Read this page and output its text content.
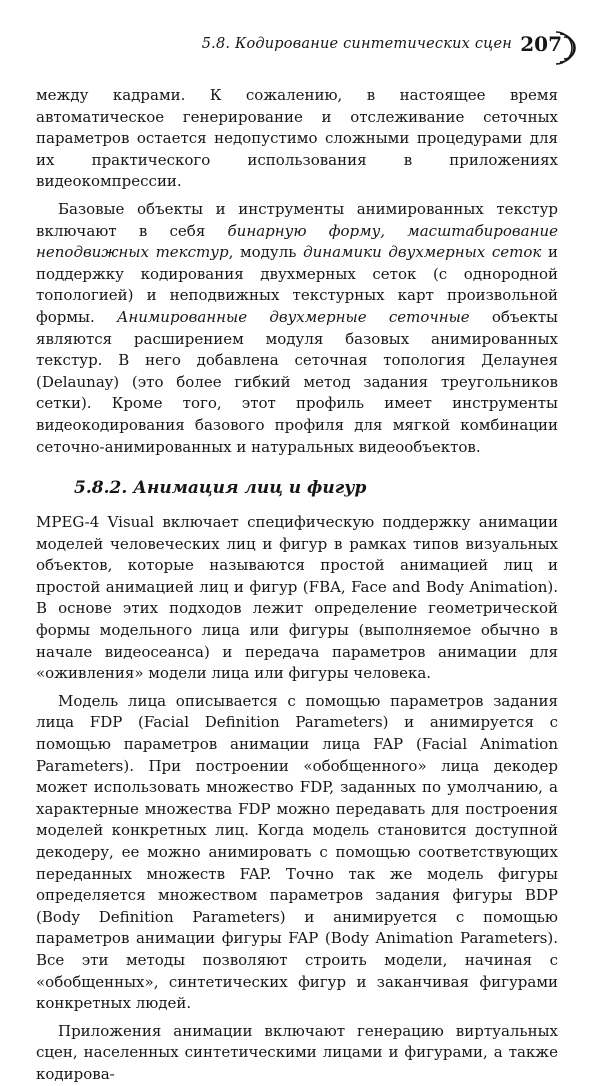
5.8. Кодирование синтетических сцен 207

между кадрами. К сожалению, в настоящее время автоматическое генерирование и отслеживание сеточных параметров остается недопустимо сложными процедурами для их практического использования в приложениях видеокомпрессии.

Базовые объекты и инструменты анимированных текстур включают в себя бинарную форму, масштабирование неподвижных текстур, модуль динамики двухмерных сеток и поддержку кодирования двухмерных сеток (с однородной топологией) и неподвижных текстурных карт произвольной формы. Анимированные двухмерные сеточные объекты являются расширением модуля базовых анимированных текстур. В него добавлена сеточная топология Делаунея (Delaunay) (это более гибкий метод задания треугольников сетки). Кроме того, этот профиль имеет инструменты видеокодирования базового профиля для мягкой комбинации сеточно-анимированных и натуральных видеообъектов.

5.8.2. Анимация лиц и фигур

MPEG-4 Visual включает специфическую поддержку анимации моделей человеческих лиц и фигур в рамках типов визуальных объектов, которые называются простой анимацией лиц и простой анимацией лиц и фигур (FBA, Face and Body Animation). В основе этих подходов лежит определение геометрической формы модельного лица или фигуры (выполняемое обычно в начале видеосеанса) и передача параметров анимации для «оживления» модели лица или фигуры человека.

Модель лица описывается с помощью параметров задания лица FDP (Facial Definition Parameters) и анимируется с помощью параметров анимации лица FAP (Facial Animation Parameters). При построении «обобщенного» лица декодер может использовать множество FDP, заданных по умолчанию, а характерные множества FDP можно передавать для построения моделей конкретных лиц. Когда модель становится доступной декодеру, ее можно анимировать с помощью соответствующих переданных множеств FAP. Точно так же модель фигуры определяется множеством параметров задания фигуры BDP (Body Definition Parameters) и анимируется с помощью параметров анимации фигуры FAP (Body Animation Parameters). Все эти методы позволяют строить модели, начиная с «обобщенных», синтетических фигур и заканчивая фигурами конкретных людей.

Приложения анимации включают генерацию виртуальных сцен, населенных синтетическими лицами и фигурами, а также кодирова-
